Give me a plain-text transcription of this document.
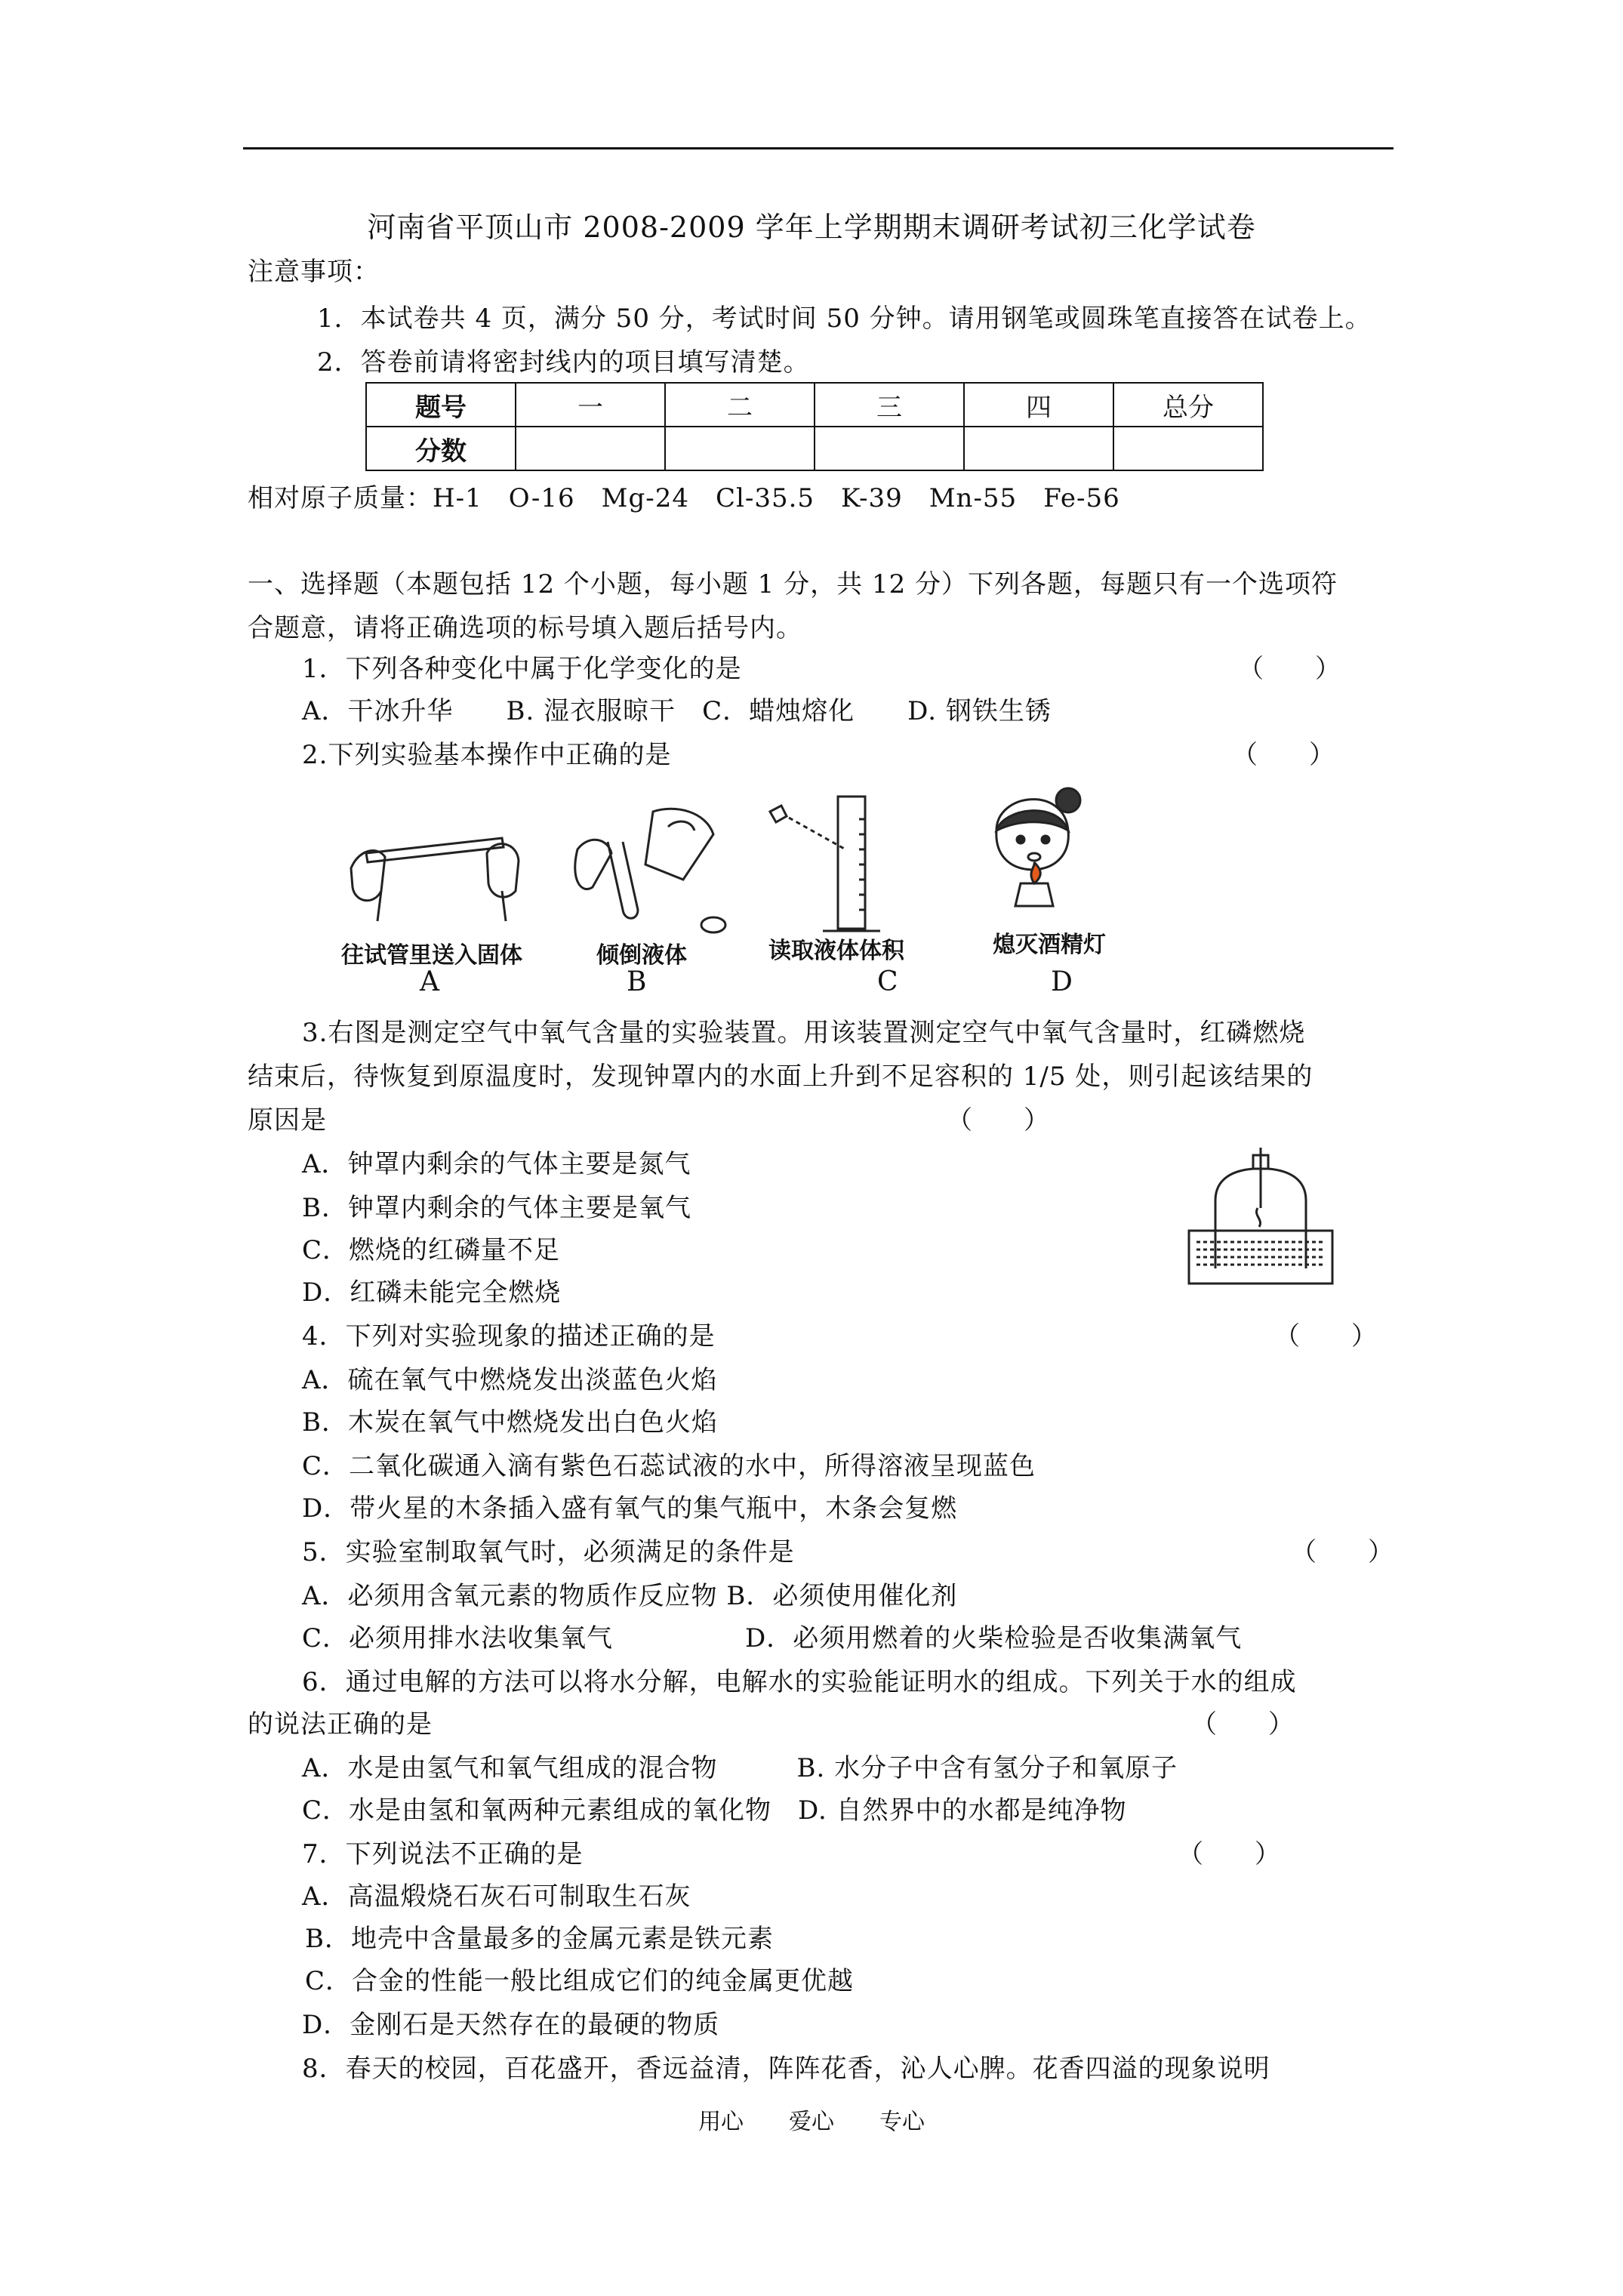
河南省平顶山市 2008-2009 学年上学期期末调研考试初三化学试卷
注意事项：
1．本试卷共 4 页，满分 50 分，考试时间 50 分钟。请用钢笔或圆珠笔直接答在试卷上。
2．答卷前请将密封线内的项目填写清楚。
题号	一	二	三	四	总分
分数					
相对原子质量：H-1　O-16　Mg-24　Cl-35.5　K-39　Mn-55　Fe-56
一、选择题（本题包括 12 个小题，每小题 1 分，共 12 分）下列各题，每题只有一个选项符
合题意，请将正确选项的标号填入题后括号内。
1．下列各种变化中属于化学变化的是	（　　）
A．干冰升华　　B. 湿衣服晾干　C．蜡烛熔化　　D. 钢铁生锈
2.下列实验基本操作中正确的是	（　　）
往试管里送入固体
A
倾倒液体
B
读取液体体积
C
熄灭酒精灯
D
3.右图是测定空气中氧气含量的实验装置。用该装置测定空气中氧气含量时，红磷燃烧
结束后，待恢复到原温度时，发现钟罩内的水面上升到不足容积的 1/5 处，则引起该结果的
原因是	（　　）
A．钟罩内剩余的气体主要是氮气
B．钟罩内剩余的气体主要是氧气
C．燃烧的红磷量不足
D．红磷未能完全燃烧
4．下列对实验现象的描述正确的是	（　　）
A．硫在氧气中燃烧发出淡蓝色火焰
B．木炭在氧气中燃烧发出白色火焰
C．二氧化碳通入滴有紫色石蕊试液的水中，所得溶液呈现蓝色
D．带火星的木条插入盛有氧气的集气瓶中，木条会复燃
5．实验室制取氧气时，必须满足的条件是	（　　）
A．必须用含氧元素的物质作反应物 B．必须使用催化剂
C．必须用排水法收集氧气　　　　　D．必须用燃着的火柴检验是否收集满氧气
6．通过电解的方法可以将水分解，电解水的实验能证明水的组成。下列关于水的组成
的说法正确的是	（　　）
A．水是由氢气和氧气组成的混合物　　　B. 水分子中含有氢分子和氧原子
C．水是由氢和氧两种元素组成的氧化物　D. 自然界中的水都是纯净物
7．下列说法不正确的是	（　　）
A．高温煅烧石灰石可制取生石灰
B．地壳中含量最多的金属元素是铁元素
C．合金的性能一般比组成它们的纯金属更优越
D．金刚石是天然存在的最硬的物质
8．春天的校园，百花盛开，香远益清，阵阵花香，沁人心脾。花香四溢的现象说明
用心　　爱心　　专心
